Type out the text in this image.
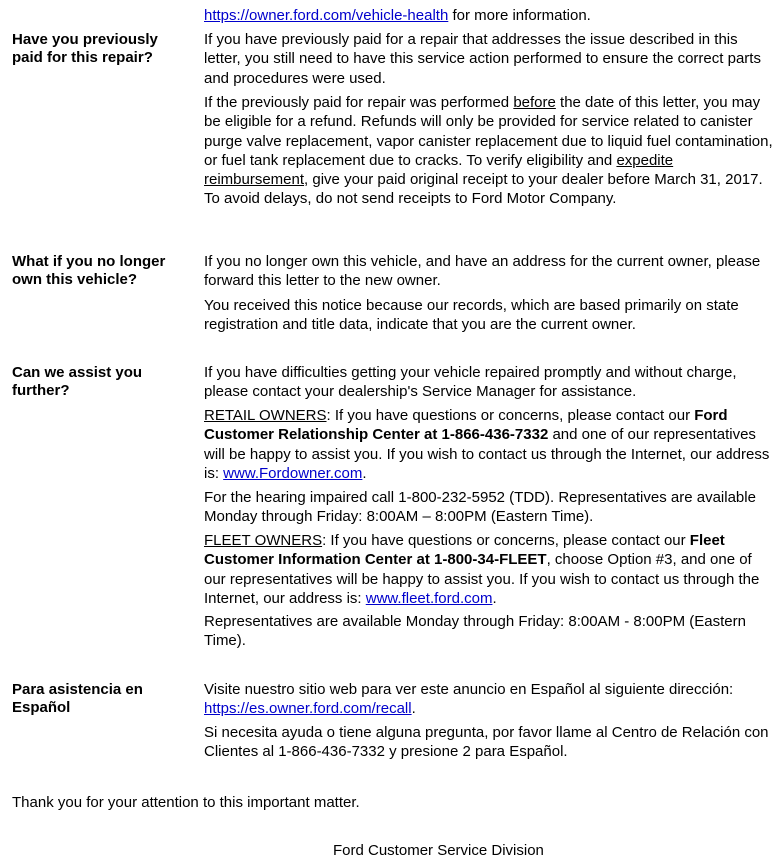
https://owner.ford.com/vehicle-health for more information.

Have you previously
paid for this repair?

If you have previously paid for a repair that addresses the issue described in this letter, you still need to have this service action performed to ensure the correct parts and procedures were used.

If the previously paid for repair was performed before the date of this letter, you may be eligible for a refund. Refunds will only be provided for service related to canister purge valve replacement, vapor canister replacement due to liquid fuel contamination, or fuel tank replacement due to cracks. To verify eligibility and expedite reimbursement, give your paid original receipt to your dealer before March 31, 2017. To avoid delays, do not send receipts to Ford Motor Company.

What if you no longer
own this vehicle?

If you no longer own this vehicle, and have an address for the current owner, please forward this letter to the new owner.

You received this notice because our records, which are based primarily on state registration and title data, indicate that you are the current owner.

Can we assist you
further?

If you have difficulties getting your vehicle repaired promptly and without charge, please contact your dealership's Service Manager for assistance.

RETAIL OWNERS: If you have questions or concerns, please contact our Ford Customer Relationship Center at 1-866-436-7332 and one of our representatives will be happy to assist you. If you wish to contact us through the Internet, our address is: www.Fordowner.com.

For the hearing impaired call 1-800-232-5952 (TDD). Representatives are available Monday through Friday: 8:00AM – 8:00PM (Eastern Time).

FLEET OWNERS: If you have questions or concerns, please contact our Fleet Customer Information Center at 1-800-34-FLEET, choose Option #3, and one of our representatives will be happy to assist you. If you wish to contact us through the Internet, our address is: www.fleet.ford.com.

Representatives are available Monday through Friday: 8:00AM - 8:00PM (Eastern Time).

Para asistencia en
Español

Visite nuestro sitio web para ver este anuncio en Español al siguiente dirección: https://es.owner.ford.com/recall.

Si necesita ayuda o tiene alguna pregunta, por favor llame al Centro de Relación con Clientes al 1-866-436-7332 y presione 2 para Español.

Thank you for your attention to this important matter.
Ford Customer Service Division
